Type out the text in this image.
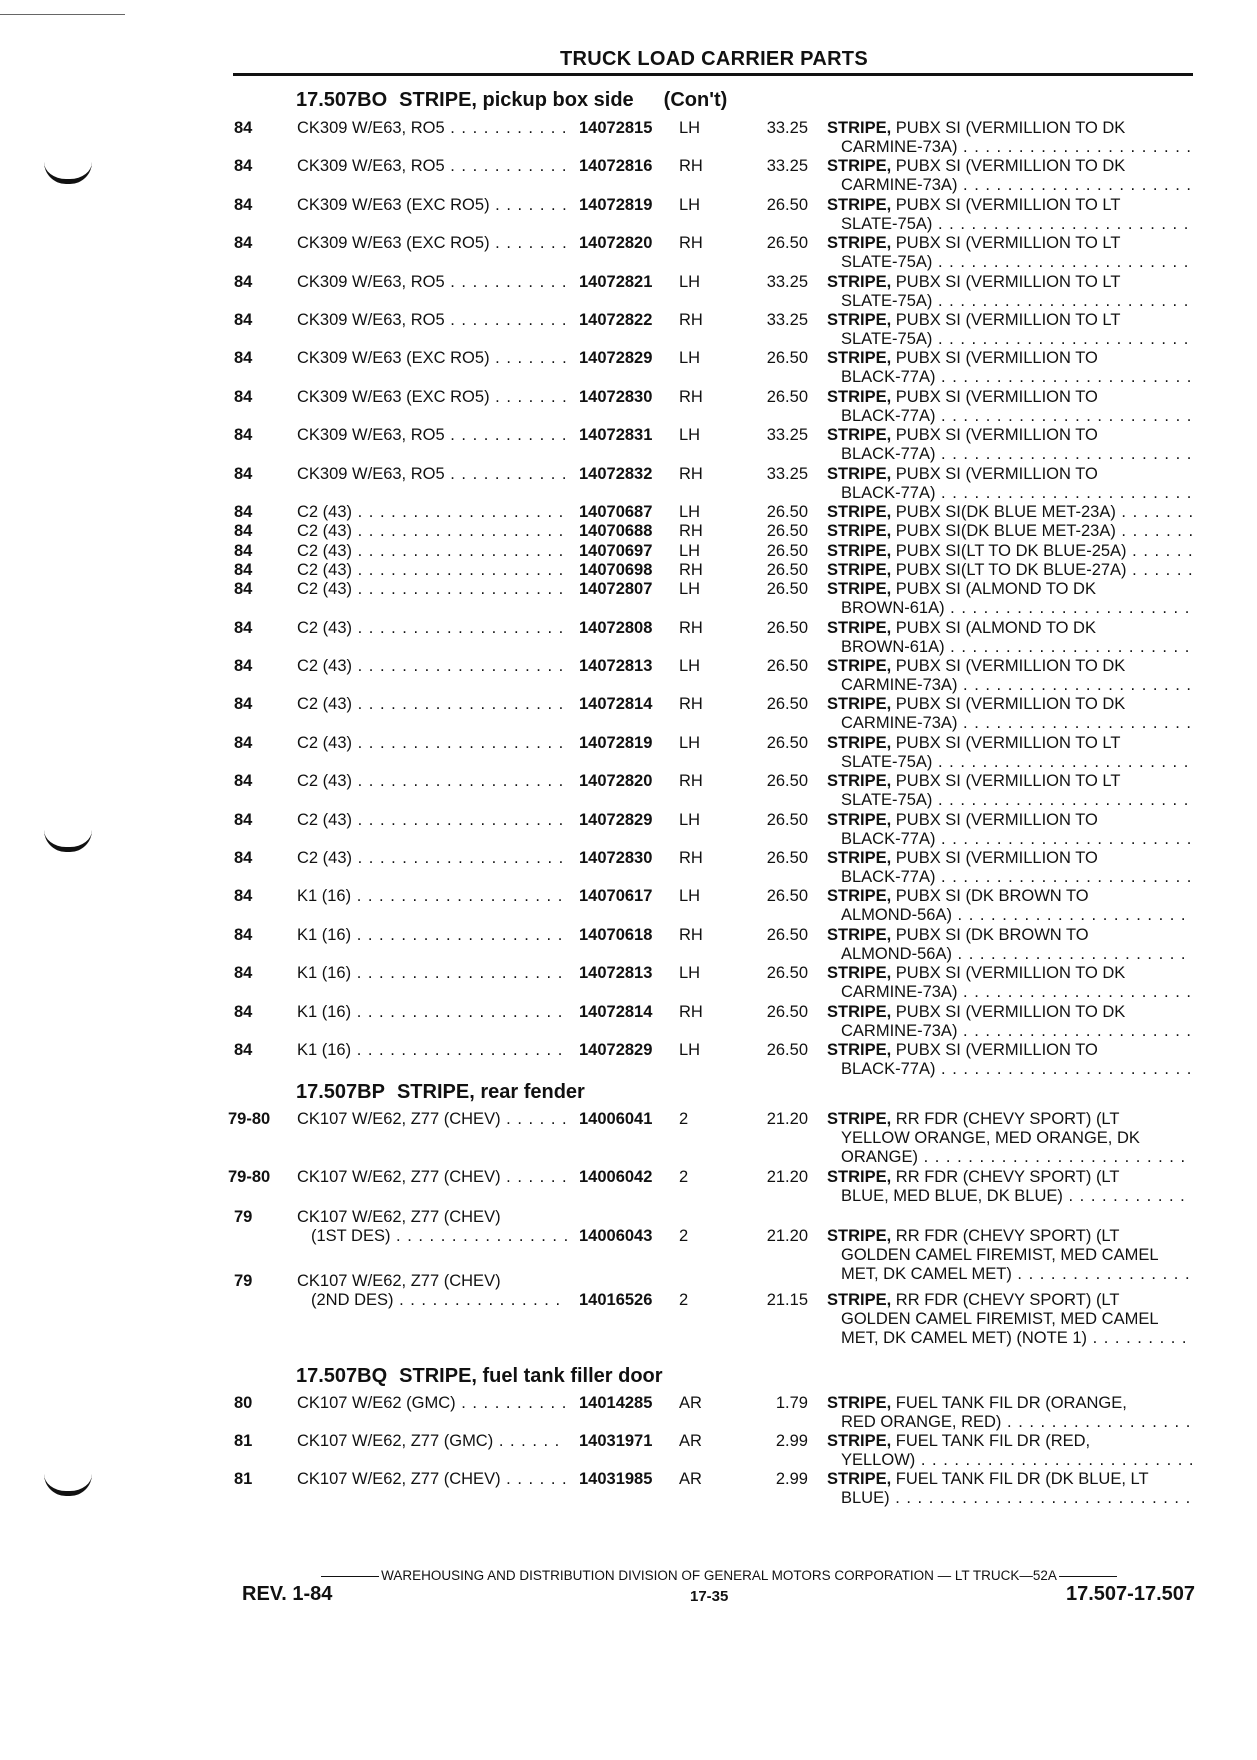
TRUCK LOAD CARRIER PARTS
17.507BO STRIPE, pickup box side (Con't)
84	CK309 W/E63, RO5 . . .	14072815	LH	33.25 STRIPE, PUBX SI (VERMILLION TO DK
CARMINE-73A) . . .
84	CK309 W/E63, RO5 . . .	14072816	RH	33.25 STRIPE, PUBX SI (VERMILLION TO DK
CARMINE-73A) . . .
84	CK309 W/E63 (EXC RO5) . . .	14072819	LH	26.50 STRIPE, PUBX SI (VERMILLION TO LT
SLATE-75A) . . .
84	CK309 W/E63 (EXC RO5) . . .	14072820	RH	26.50 STRIPE, PUBX SI (VERMILLION TO LT
SLATE-75A) . . .
84	CK309 W/E63, RO5 . . .	14072821	LH	33.25 STRIPE, PUBX SI (VERMILLION TO LT
SLATE-75A) . . .
84	CK309 W/E63, RO5 . . .	14072822	RH	33.25 STRIPE, PUBX SI (VERMILLION TO LT
SLATE-75A) . . .
84	CK309 W/E63 (EXC RO5) . . .	14072829	LH	26.50 STRIPE, PUBX SI (VERMILLION TO
BLACK-77A) . . .
84	CK309 W/E63 (EXC RO5) . . .	14072830	RH	26.50 STRIPE, PUBX SI (VERMILLION TO
BLACK-77A) . . .
84	CK309 W/E63, RO5 . . .	14072831	LH	33.25 STRIPE, PUBX SI (VERMILLION TO
BLACK-77A) . . .
84	CK309 W/E63, RO5 . . .	14072832	RH	33.25 STRIPE, PUBX SI (VERMILLION TO
BLACK-77A) . . .
84	C2 (43) . . .	14070687	LH	26.50 STRIPE, PUBX SI(DK BLUE MET-23A) . . .
84	C2 (43) . . .	14070688	RH	26.50 STRIPE, PUBX SI(DK BLUE MET-23A) . . .
84	C2 (43) . . .	14070697	LH	26.50 STRIPE, PUBX SI(LT TO DK BLUE-25A) . . .
84	C2 (43) . . .	14070698	RH	26.50 STRIPE, PUBX SI(LT TO DK BLUE-27A) . . .
84	C2 (43) . . .	14072807	LH	26.50 STRIPE, PUBX SI (ALMOND TO DK
BROWN-61A) . . .
84	C2 (43) . . .	14072808	RH	26.50 STRIPE, PUBX SI (ALMOND TO DK
BROWN-61A) . . .
84	C2 (43) . . .	14072813	LH	26.50 STRIPE, PUBX SI (VERMILLION TO DK
CARMINE-73A) . . .
84	C2 (43) . . .	14072814	RH	26.50 STRIPE, PUBX SI (VERMILLION TO DK
CARMINE-73A) . . .
84	C2 (43) . . .	14072819	LH	26.50 STRIPE, PUBX SI (VERMILLION TO LT
SLATE-75A) . . .
84	C2 (43) . . .	14072820	RH	26.50 STRIPE, PUBX SI (VERMILLION TO LT
SLATE-75A) . . .
84	C2 (43) . . .	14072829	LH	26.50 STRIPE, PUBX SI (VERMILLION TO
BLACK-77A) . . .
84	C2 (43) . . .	14072830	RH	26.50 STRIPE, PUBX SI (VERMILLION TO
BLACK-77A) . . .
84	K1 (16) . . .	14070617	LH	26.50 STRIPE, PUBX SI (DK BROWN TO
ALMOND-56A) . . .
84	K1 (16) . . .	14070618	RH	26.50 STRIPE, PUBX SI (DK BROWN TO
ALMOND-56A) . . .
84	K1 (16) . . .	14072813	LH	26.50 STRIPE, PUBX SI (VERMILLION TO DK
CARMINE-73A) . . .
84	K1 (16) . . .	14072814	RH	26.50 STRIPE, PUBX SI (VERMILLION TO DK
CARMINE-73A) . . .
84	K1 (16) . . .	14072829	LH	26.50 STRIPE, PUBX SI (VERMILLION TO
BLACK-77A) . . .
17.507BP STRIPE, rear fender
79-80	CK107 W/E62, Z77 (CHEV) . . .	14006041	2	21.20 STRIPE, RR FDR (CHEVY SPORT) (LT
YELLOW ORANGE, MED ORANGE, DK
ORANGE) . . .
79-80	CK107 W/E62, Z77 (CHEV) . . .	14006042	2	21.20 STRIPE, RR FDR (CHEVY SPORT) (LT
BLUE, MED BLUE, DK BLUE) . . .
79	CK107 W/E62, Z77 (CHEV)
(1ST DES) . . .	14006043	2	21.20 STRIPE, RR FDR (CHEVY SPORT) (LT
GOLDEN CAMEL FIREMIST, MED CAMEL
MET, DK CAMEL MET) . . .
79	CK107 W/E62, Z77 (CHEV)
(2ND DES) . . .	14016526	2	21.15 STRIPE, RR FDR (CHEVY SPORT) (LT
GOLDEN CAMEL FIREMIST, MED CAMEL
MET, DK CAMEL MET) (NOTE 1) . . .
17.507BQ STRIPE, fuel tank filler door
80	CK107 W/E62 (GMC) . . .	14014285	AR	1.79 STRIPE, FUEL TANK FIL DR (ORANGE,
RED ORANGE, RED) . . .
81	CK107 W/E62, Z77 (GMC) . . .	14031971	AR	2.99 STRIPE, FUEL TANK FIL DR (RED,
YELLOW) . . .
81	CK107 W/E62, Z77 (CHEV) . . .	14031985	AR	2.99 STRIPE, FUEL TANK FIL DR (DK BLUE, LT
BLUE) . . .
WAREHOUSING AND DISTRIBUTION DIVISION OF GENERAL MOTORS CORPORATION — LT TRUCK—52A
REV. 1-84	17-35	17.507-17.507
